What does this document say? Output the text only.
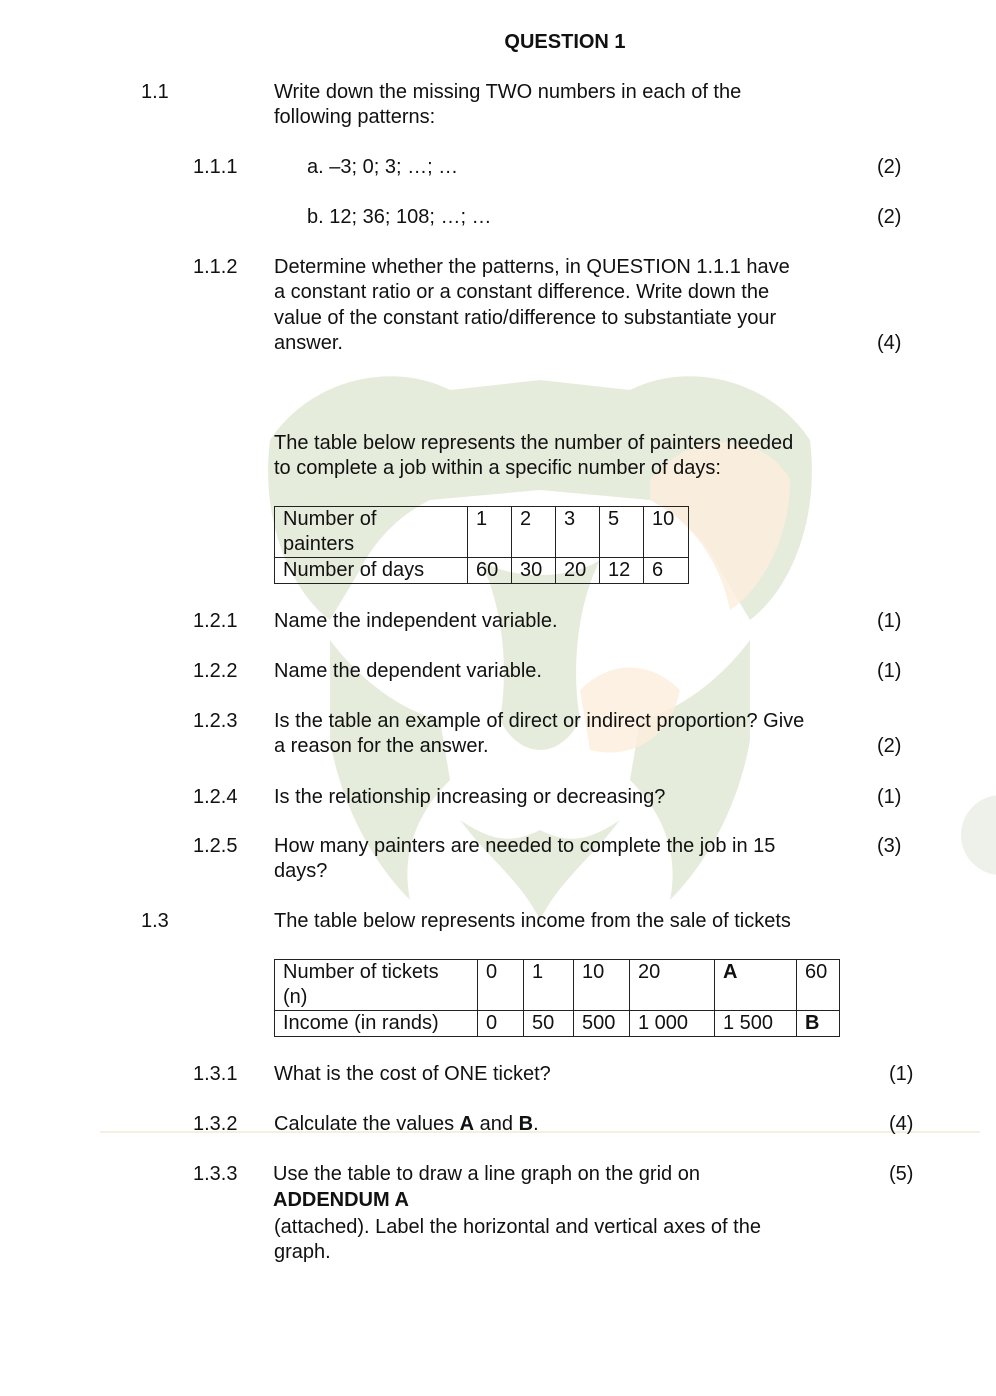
QUESTION 1
1.1	Write down the missing TWO numbers in each of the
following patterns:
1.1.1	a. –3; 0; 3; …; …	(2)
b. 12; 36; 108; …; …	(2)
1.1.2 Determine whether the patterns, in QUESTION 1.1.1 have
a constant ratio or a constant difference. Write down the
value of the constant ratio/difference to substantiate your
answer.	(4)
The table below represents the number of painters needed
to complete a job within a specific number of days:
Number of
painters	1	2	3	5	10
Number of days	60	30	20	12	6
1.2.1 Name the independent variable.	(1)
1.2.2 Name the dependent variable.	(1)
1.2.3 Is the table an example of direct or indirect proportion? Give
a reason for the answer.	(2)
1.2.4 Is the relationship increasing or decreasing?	(1)
1.2.5 How many painters are needed to complete the job in 15
days?
(3)
1.3	The table below represents income from the sale of tickets
Number of tickets
(n)	0	1	10	20	A	60
Income (in rands)	0	50	500	1 000	1 500	B
1.3.1 What is the cost of ONE ticket?	(1)
1.3.2 Calculate the values A and B.	(4)
1.3.3 Use the table to draw a line graph on the grid on
ADDENDUM A
(attached). Label the horizontal and vertical axes of the
graph.
(5)
